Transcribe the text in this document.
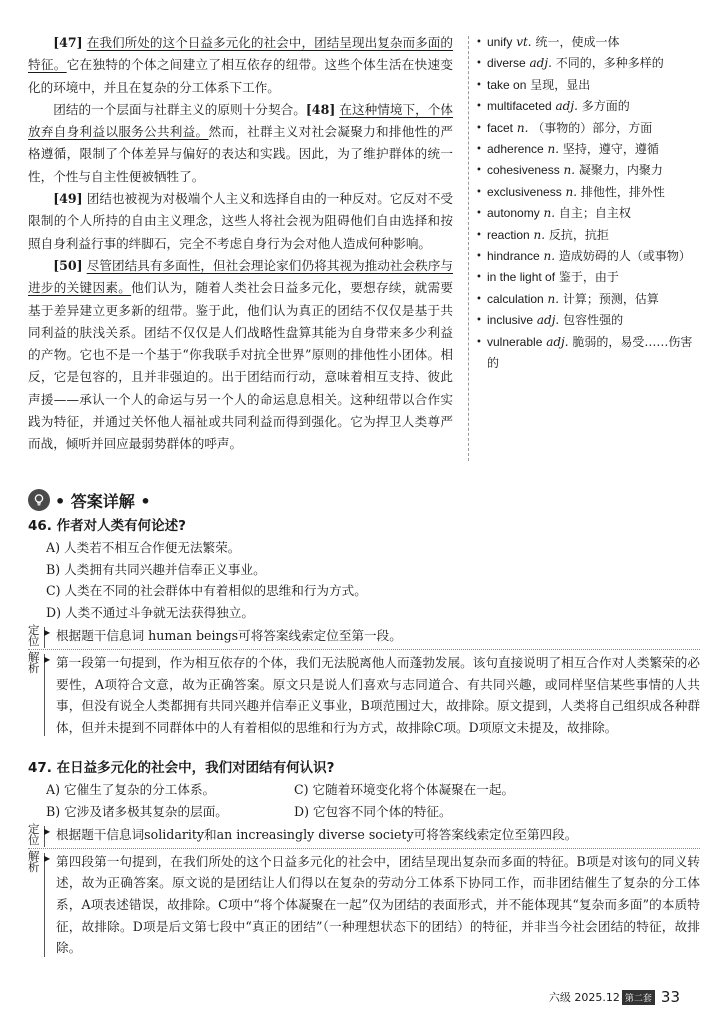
[47] 在我们所处的这个日益多元化的社会中，团结呈现出复杂而多面的特征。它在独特的个体之间建立了相互依存的纽带。这些个体生活在快速变化的环境中，并且在复杂的分工体系下工作。

团结的一个层面与社群主义的原则十分契合。[48] 在这种情境下，个体放弃自身利益以服务公共利益。然而，社群主义对社会凝聚力和排他性的严格遵循，限制了个体差异与偏好的表达和实践。因此，为了维护群体的统一性，个性与自主性便被牺牲了。

[49] 团结也被视为对极端个人主义和选择自由的一种反对。它反对不受限制的个人所持的自由主义理念，这些人将社会视为阻碍他们自由选择和按照自身利益行事的绊脚石，完全不考虑自身行为会对他人造成何种影响。

[50] 尽管团结具有多面性，但社会理论家们仍将其视为推动社会秩序与进步的关键因素。他们认为，随着人类社会日益多元化，要想存续，就需要基于差异建立更多新的纽带。鉴于此，他们认为真正的团结不仅仅是基于共同利益的肤浅关系。团结不仅仅是人们战略性盘算其能为自身带来多少利益的产物。它也不是一个基于“你我联手对抗全世界”原则的排他性小团体。相反，它是包容的，且并非强迫的。出于团结而行动，意味着相互支持、彼此声援——承认一个人的命运与另一个人的命运息息相关。这种纽带以合作实践为特征，并通过关怀他人福祉或共同利益而得到强化。它为捍卫人类尊严而战，倾听并回应最弱势群体的呼声。

• unify vt. 统一，使成一体
• diverse adj. 不同的，多种多样的
• take on 呈现，显出
• multifaceted adj. 多方面的
• facet n. （事物的）部分，方面
• adherence n. 坚持，遵守，遵循
• cohesiveness n. 凝聚力，内聚力
• exclusiveness n. 排他性，排外性
• autonomy n. 自主；自主权
• reaction n. 反抗，抗拒
• hindrance n. 造成妨碍的人（或事物）
• in the light of 鉴于，由于
• calculation n. 计算；预测，估算
• inclusive adj. 包容性强的
• vulnerable adj. 脆弱的，易受……伤害的
• 答案详解 •
46. 作者对人类有何论述?
A) 人类若不相互合作便无法繁荣。
B) 人类拥有共同兴趣并信奉正义事业。
C) 人类在不同的社会群体中有着相似的思维和行为方式。
D) 人类不通过斗争就无法获得独立。
定位
▶ 根据题干信息词 human beings可将答案线索定位至第一段。
解析
▶ 第一段第一句提到，作为相互依存的个体，我们无法脱离他人而蓬勃发展。该句直接说明了相互合作对人类繁荣的必要性，A项符合文意，故为正确答案。原文只是说人们喜欢与志同道合、有共同兴趣，或同样坚信某些事情的人共事，但没有说全人类都拥有共同兴趣并信奉正义事业，B项范围过大，故排除。原文提到，人类将自己组织成各种群体，但并未提到不同群体中的人有着相似的思维和行为方式，故排除C项。D项原文未提及，故排除。
47. 在日益多元化的社会中，我们对团结有何认识?
A) 它催生了复杂的分工体系。	C) 它随着环境变化将个体凝聚在一起。
B) 它涉及诸多极其复杂的层面。	D) 它包容不同个体的特征。
定位
▶ 根据题干信息词solidarity和an increasingly diverse society可将答案线索定位至第四段。
解析
▶ 第四段第一句提到，在我们所处的这个日益多元化的社会中，团结呈现出复杂而多面的特征。B项是对该句的同义转述，故为正确答案。原文说的是团结让人们得以在复杂的劳动分工体系下协同工作，而非团结催生了复杂的分工体系，A项表述错误，故排除。C项中“将个体凝聚在一起”仅为团结的表面形式，并不能体现其“复杂而多面”的本质特征，故排除。D项是后文第七段中“真正的团结”（一种理想状态下的团结）的特征，并非当今社会团结的特征，故排除。
六级 2025.12 第二套 33
